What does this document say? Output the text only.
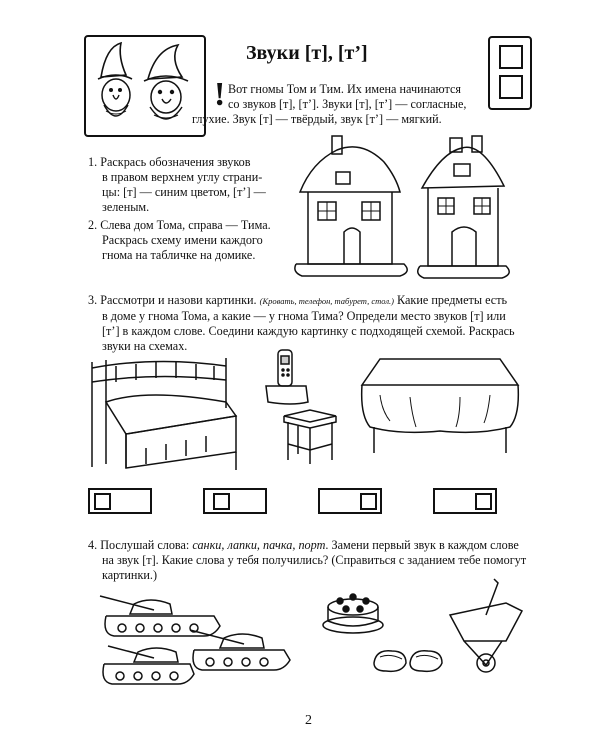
Звуки [т], [т’]
! Вот гномы Том и Тим. Их имена начинаются
со звуков [т], [т’]. Звуки [т], [т’] — согласные,
глухие. Звук [т] — твёрдый, звук [т’] — мягкий.
1. Раскрась обозначения звуков
в правом верхнем углу страни-
цы: [т] — синим цветом, [т’] —
зеленым.
2. Слева дом Тома, справа — Тима.
Раскрась схему имени каждого
гнома на табличке на домике.
3. Рассмотри и назови картинки. (Кровать, телефон, табурет, стол.) Какие предметы есть
в доме у гнома Тома, а какие — у гнома Тима? Определи место звуков [т] или
[т’] в каждом слове. Соедини каждую картинку с подходящей схемой. Раскрась
звуки на схемах.
4. Послушай слова: санки, лапки, пачка, порт. Замени первый звук в каждом слове
на звук [т]. Какие слова у тебя получились? (Справиться с заданием тебе помогут
картинки.)
2
